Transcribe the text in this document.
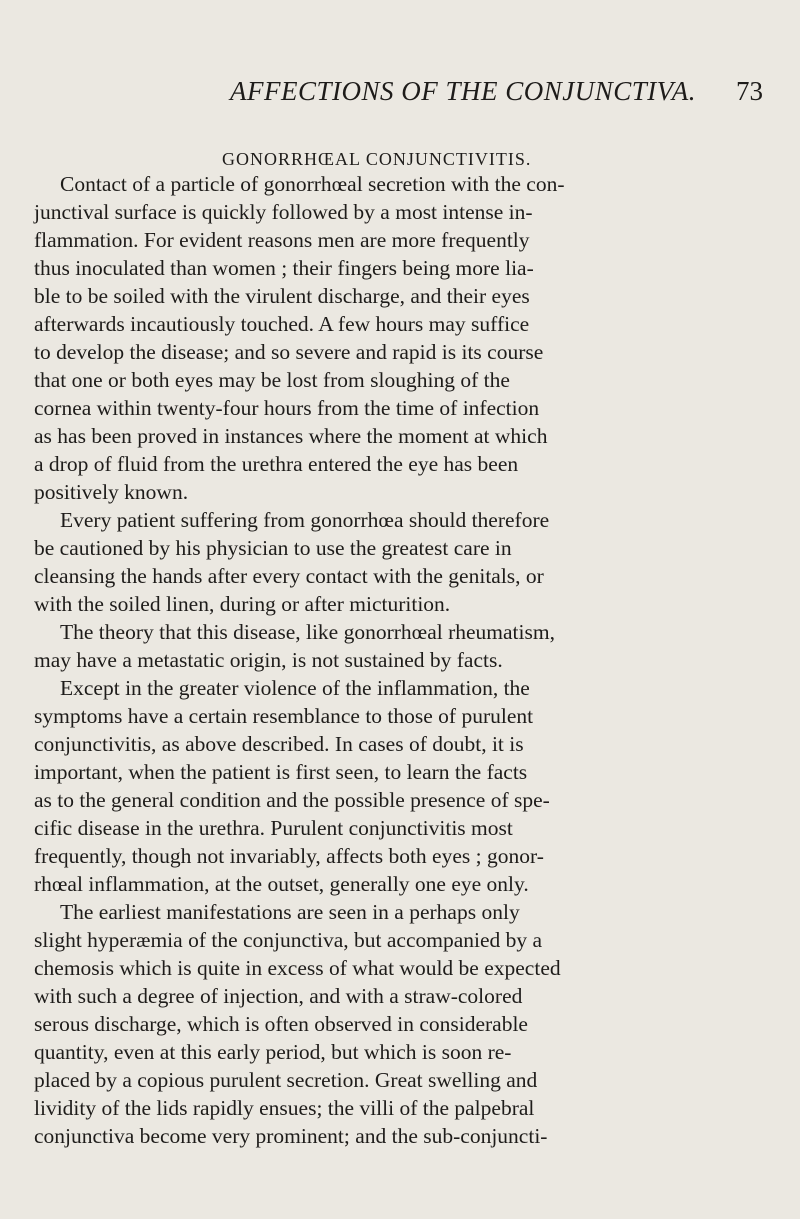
AFFECTIONS OF THE CONJUNCTIVA. 73
GONORRHŒAL CONJUNCTIVITIS.
Contact of a particle of gonorrhœal secretion with the con-
junctival surface is quickly followed by a most intense in-
flammation. For evident reasons men are more frequently
thus inoculated than women ; their fingers being more lia-
ble to be soiled with the virulent discharge, and their eyes
afterwards incautiously touched. A few hours may suffice
to develop the disease; and so severe and rapid is its course
that one or both eyes may be lost from sloughing of the
cornea within twenty-four hours from the time of infection
as has been proved in instances where the moment at which
a drop of fluid from the urethra entered the eye has been
positively known.
Every patient suffering from gonorrhœa should therefore
be cautioned by his physician to use the greatest care in
cleansing the hands after every contact with the genitals, or
with the soiled linen, during or after micturition.
The theory that this disease, like gonorrhœal rheumatism,
may have a metastatic origin, is not sustained by facts.
Except in the greater violence of the inflammation, the
symptoms have a certain resemblance to those of purulent
conjunctivitis, as above described. In cases of doubt, it is
important, when the patient is first seen, to learn the facts
as to the general condition and the possible presence of spe-
cific disease in the urethra. Purulent conjunctivitis most
frequently, though not invariably, affects both eyes ; gonor-
rhœal inflammation, at the outset, generally one eye only.
The earliest manifestations are seen in a perhaps only
slight hyperæmia of the conjunctiva, but accompanied by a
chemosis which is quite in excess of what would be expected
with such a degree of injection, and with a straw-colored
serous discharge, which is often observed in considerable
quantity, even at this early period, but which is soon re-
placed by a copious purulent secretion. Great swelling and
lividity of the lids rapidly ensues; the villi of the palpebral
conjunctiva become very prominent; and the sub-conjuncti-
